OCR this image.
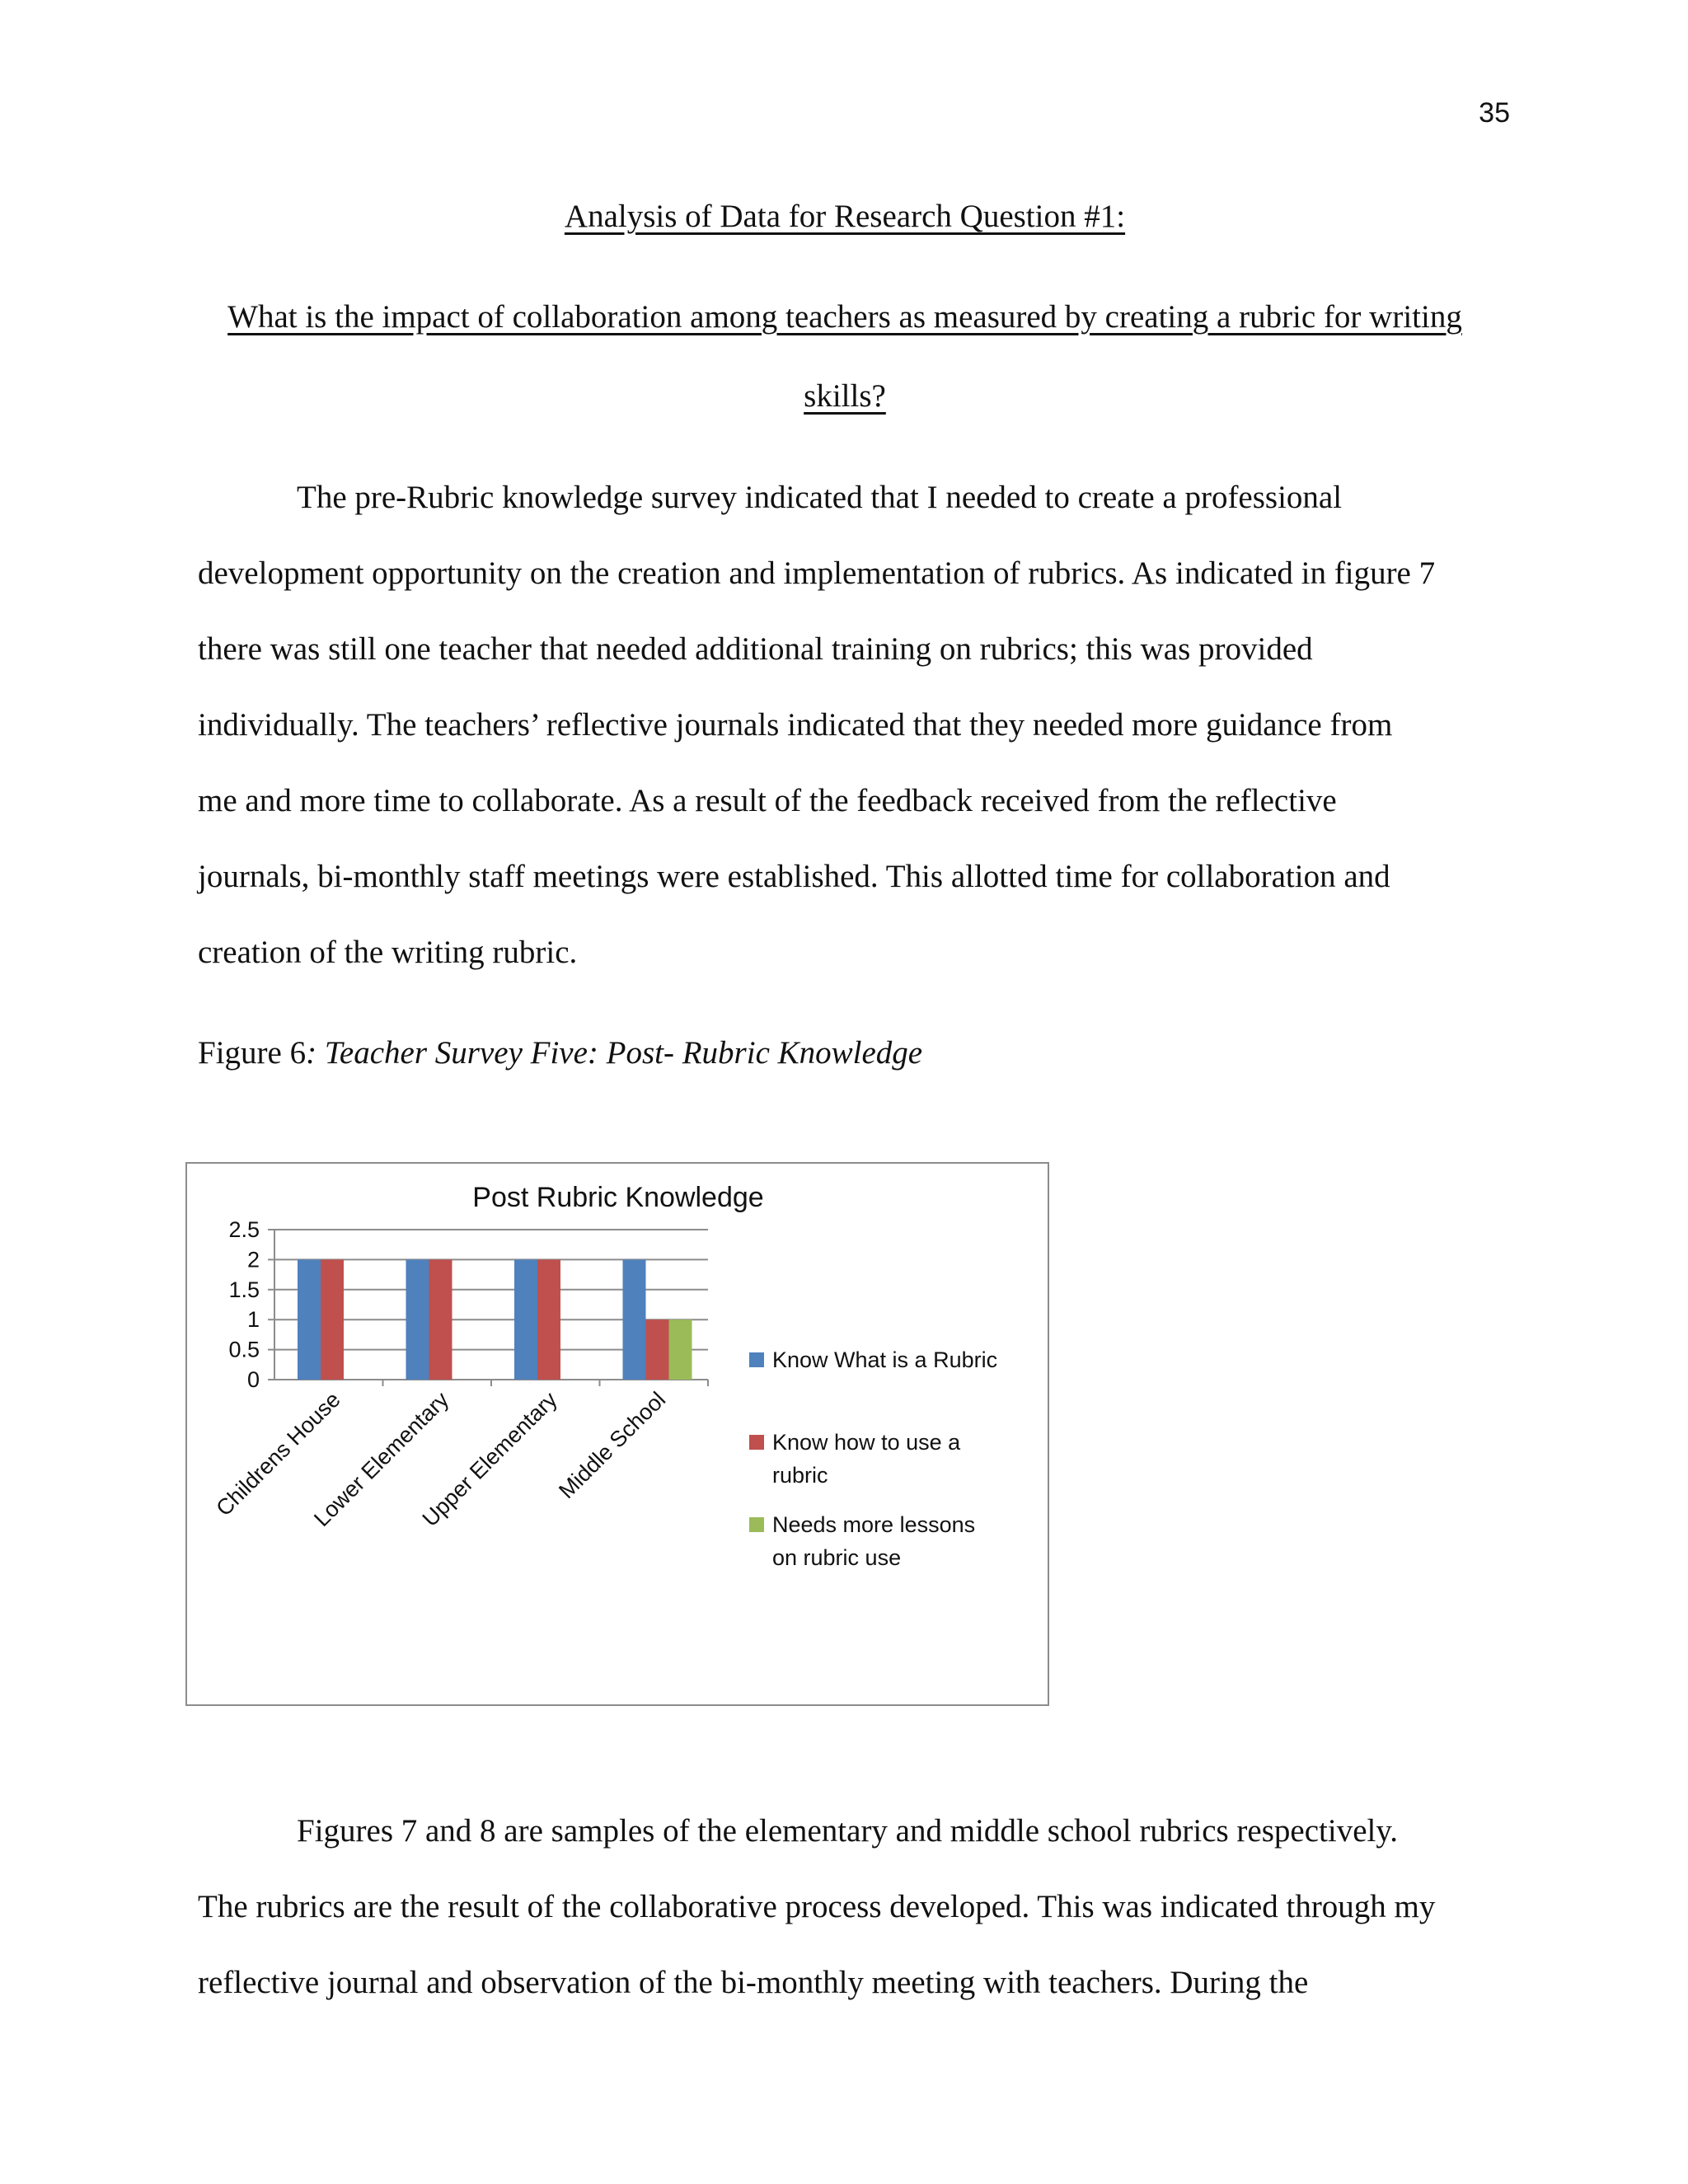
35
Analysis of Data for Research Question #1:
What is the impact of collaboration among teachers as measured by creating a rubric for writing
skills?

The pre-Rubric knowledge survey indicated that I needed to create a professional
development opportunity on the creation and implementation of rubrics. As indicated in figure 7
there was still one teacher that needed additional training on rubrics; this was provided
individually. The teachers’ reflective journals indicated that they needed more guidance from
me and more time to collaborate. As a result of the feedback received from the reflective
journals, bi-monthly staff meetings were established. This allotted time for collaboration and
creation of the writing rubric.

Figure 6: Teacher Survey Five: Post- Rubric Knowledge
Post Rubric Knowledge
0
0.5
1
1.5
2
2.5
Childrens House
Lower Elementary
Upper Elementary
Middle School
Know What is a Rubric
Know how to use a
rubric
Needs more lessons
on rubric use

Figures 7 and 8 are samples of the elementary and middle school rubrics respectively.
The rubrics are the result of the collaborative process developed. This was indicated through my
reflective journal and observation of the bi-monthly meeting with teachers. During the
